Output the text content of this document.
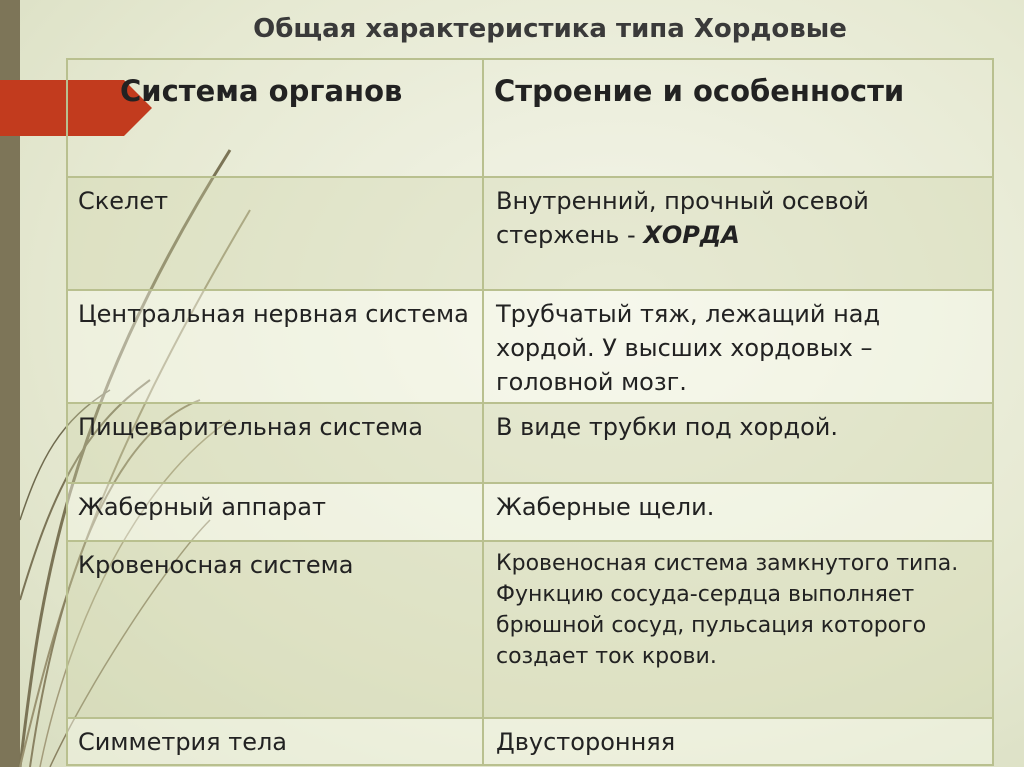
Общая характеристика типа Хордовые
Система органов	Строение и особенности
Скелет	Внутренний, прочный осевой стержень - ХОРДА
Центральная нервная система	Трубчатый тяж, лежащий над хордой. У высших хордовых – головной мозг.
Пищеварительная система	В виде трубки под хордой.
Жаберный аппарат	Жаберные щели.
Кровеносная система	Кровеносная система замкнутого типа. Функцию сосуда-сердца выполняет брюшной сосуд, пульсация которого создает ток крови.
Симметрия тела	Двусторонняя
